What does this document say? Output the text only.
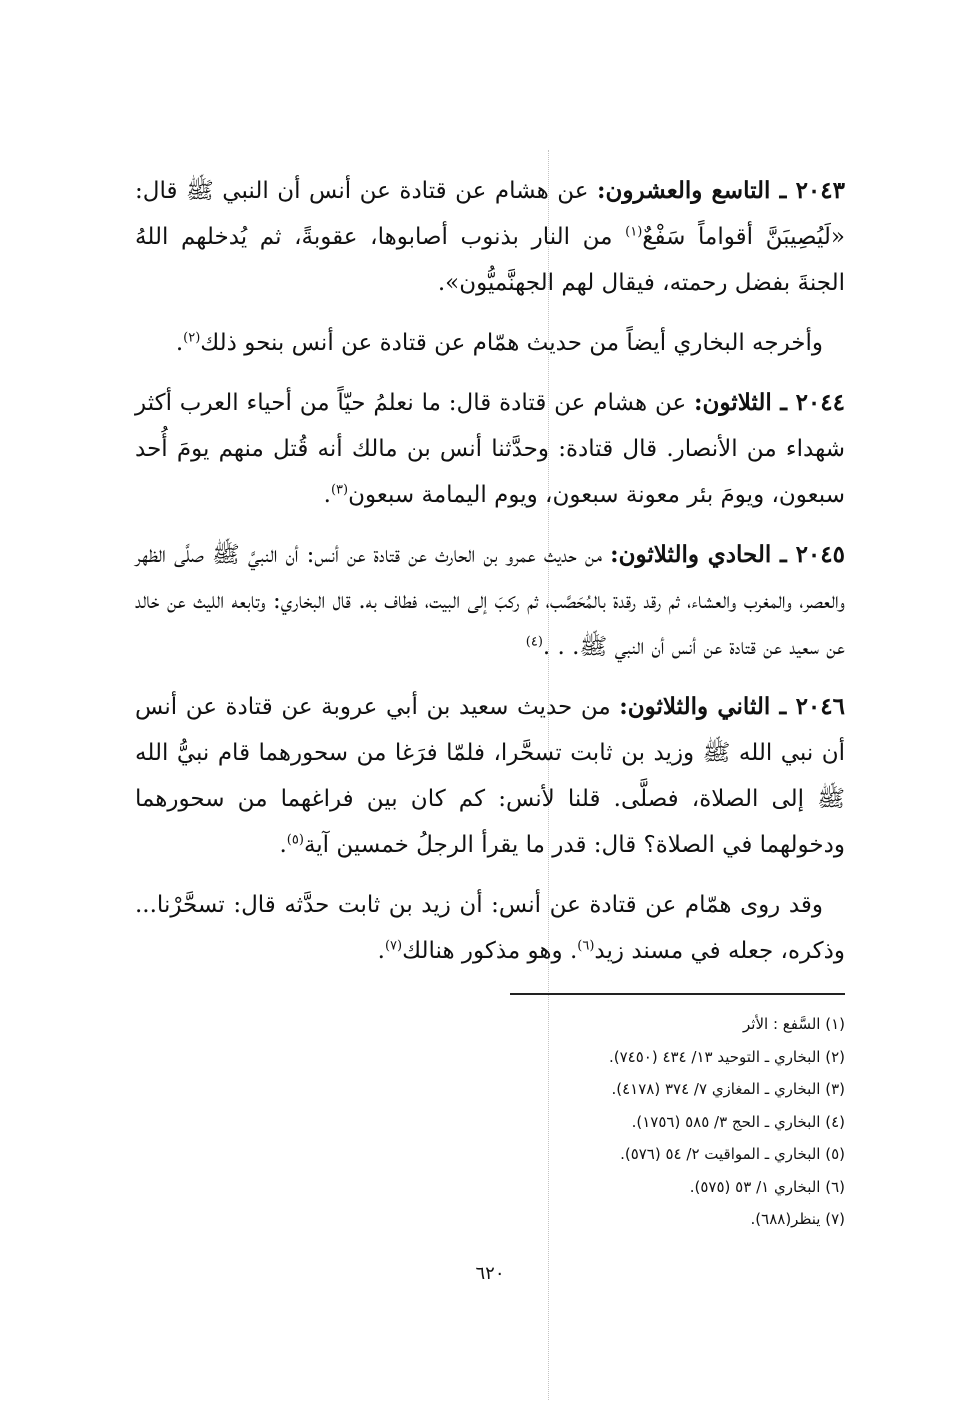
٢٠٤٣ ـ التاسع والعشرون: عن هشام عن قتادة عن أنس أن النبي ﷺ قال: «لَيُصِيبَنَّ أقواماً سَفْعٌ$^{(١)}$ من النار بذنوب أصابوها، عقوبةً، ثم يُدخلهم اللهُ الجنةَ بفضل رحمته، فيقال لهم الجهنَّميُّون».

وأخرجه البخاري أيضاً من حديث همّام عن قتادة عن أنس بنحو ذلك$^{(٢)}$.

٢٠٤٤ ـ الثلاثون: عن هشام عن قتادة قال: ما نعلمُ حيّاً من أحياء العرب أكثر شهداء من الأنصار. قال قتادة: وحدَّثنا أنس بن مالك أنه قُتل منهم يومَ أُحد سبعون، ويومَ بئر معونة سبعون، ويوم اليمامة سبعون$^{(٣)}$.

٢٠٤٥ ـ الحادي والثلاثون: من حديث عمرو بن الحارث عن قتادة عن أنس: أن النبيَّ ﷺ صلَّى الظهر والعصر، والمغرب والعشاء، ثم رقد رقدة بالمُحَصَّب، ثم ركبَ إلى البيت، فطاف به. قال البخاري: وتابعه الليث عن خالد عن سعيد عن قتادة عن أنس أن النبي ﷺ. . .$^{(٤)}$

٢٠٤٦ ـ الثاني والثلاثون: من حديث سعيد بن أبي عروبة عن قتادة عن أنس أن نبي الله ﷺ وزيد بن ثابت تسحَّرا، فلمّا فرَغا من سحورهما قام نبيُّ الله ﷺ إلى الصلاة، فصلَّى. قلنا لأنس: كم كان بين فراغهما من سحورهما ودخولهما في الصلاة؟ قال: قدر ما يقرأ الرجلُ خمسين آية$^{(٥)}$.

وقد روى همّام عن قتادة عن أنس: أن زيد بن ثابت حدَّثه قال: تسحَّرْنا... وذكره، جعله في مسند زيد$^{(٦)}$. وهو مذكور هنالك$^{(٧)}$.

(١) السَّفع : الأثر
(٢) البخاري ـ التوحيد ١٣/ ٤٣٤ (٧٤٥٠).
(٣) البخاري ـ المغازي ٧/ ٣٧٤ (٤١٧٨).
(٤) البخاري ـ الحج ٣/ ٥٨٥ (١٧٥٦).
(٥) البخاري ـ المواقيت ٢/ ٥٤ (٥٧٦).
(٦) البخاري ١/ ٥٣ (٥٧٥).
(٧) ينظر(٦٨٨).
٦٢٠
